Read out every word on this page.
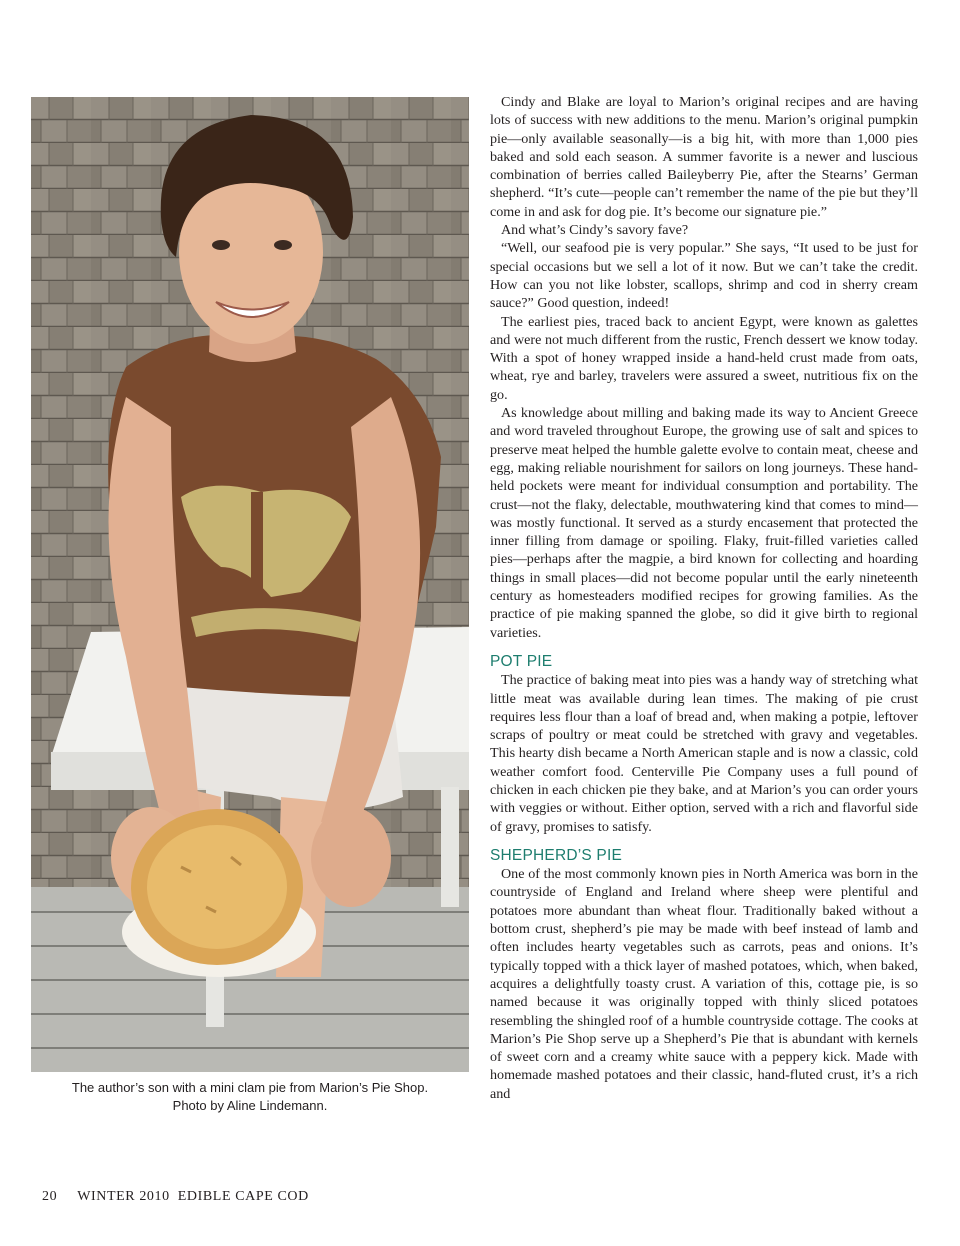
The author’s son with a mini clam pie from Marion’s Pie Shop.
Photo by Aline Lindemann.

Cindy and Blake are loyal to Marion’s original recipes and are having lots of success with new additions to the menu. Marion’s original pumpkin pie—only available seasonally—is a big hit, with more than 1,000 pies baked and sold each season. A summer favorite is a newer and luscious combination of berries called Baileyberry Pie, after the Stearns’ German shepherd. “It’s cute—people can’t remember the name of the pie but they’ll come in and ask for dog pie. It’s become our signature pie.”

And what’s Cindy’s savory fave?

“Well, our seafood pie is very popular.” She says, “It used to be just for special occasions but we sell a lot of it now. But we can’t take the credit. How can you not like lobster, scallops, shrimp and cod in sherry cream sauce?” Good question, indeed!

The earliest pies, traced back to ancient Egypt, were known as galettes and were not much different from the rustic, French dessert we know today. With a spot of honey wrapped inside a hand-held crust made from oats, wheat, rye and barley, travelers were assured a sweet, nutritious fix on the go.

As knowledge about milling and baking made its way to Ancient Greece and word traveled throughout Europe, the growing use of salt and spices to preserve meat helped the humble galette evolve to contain meat, cheese and egg, making reliable nourishment for sailors on long journeys. These hand-held pockets were meant for individual consumption and portability. The crust—not the flaky, delectable, mouthwatering kind that comes to mind—was mostly functional. It served as a sturdy encasement that protected the inner filling from damage or spoiling. Flaky, fruit-filled varieties called pies—perhaps after the magpie, a bird known for collecting and hoarding things in small places—did not become popular until the early nineteenth century as homesteaders modified recipes for growing families. As the practice of pie making spanned the globe, so did it give birth to regional varieties.

POT PIE

The practice of baking meat into pies was a handy way of stretching what little meat was available during lean times. The making of pie crust requires less flour than a loaf of bread and, when making a potpie, leftover scraps of poultry or meat could be stretched with gravy and vegetables. This hearty dish became a North American staple and is now a classic, cold weather comfort food. Centerville Pie Company uses a full pound of chicken in each chicken pie they bake, and at Marion’s you can order yours with veggies or without. Either option, served with a rich and flavorful side of gravy, promises to satisfy.

SHEPHERD’S PIE

One of the most commonly known pies in North America was born in the countryside of England and Ireland where sheep were plentiful and potatoes more abundant than wheat flour. Traditionally baked without a bottom crust, shepherd’s pie may be made with beef instead of lamb and often includes hearty vegetables such as carrots, peas and onions. It’s typically topped with a thick layer of mashed potatoes, which, when baked, acquires a delightfully toasty crust. A variation of this, cottage pie, is so named because it was originally topped with thinly sliced potatoes resembling the shingled roof of a humble countryside cottage. The cooks at Marion’s Pie Shop serve up a Shepherd’s Pie that is abundant with kernels of sweet corn and a creamy white sauce with a peppery kick. Made with homemade mashed potatoes and their classic, hand-fluted crust, it’s a rich and

20 WINTER 2010 EDIBLE CAPE COD
